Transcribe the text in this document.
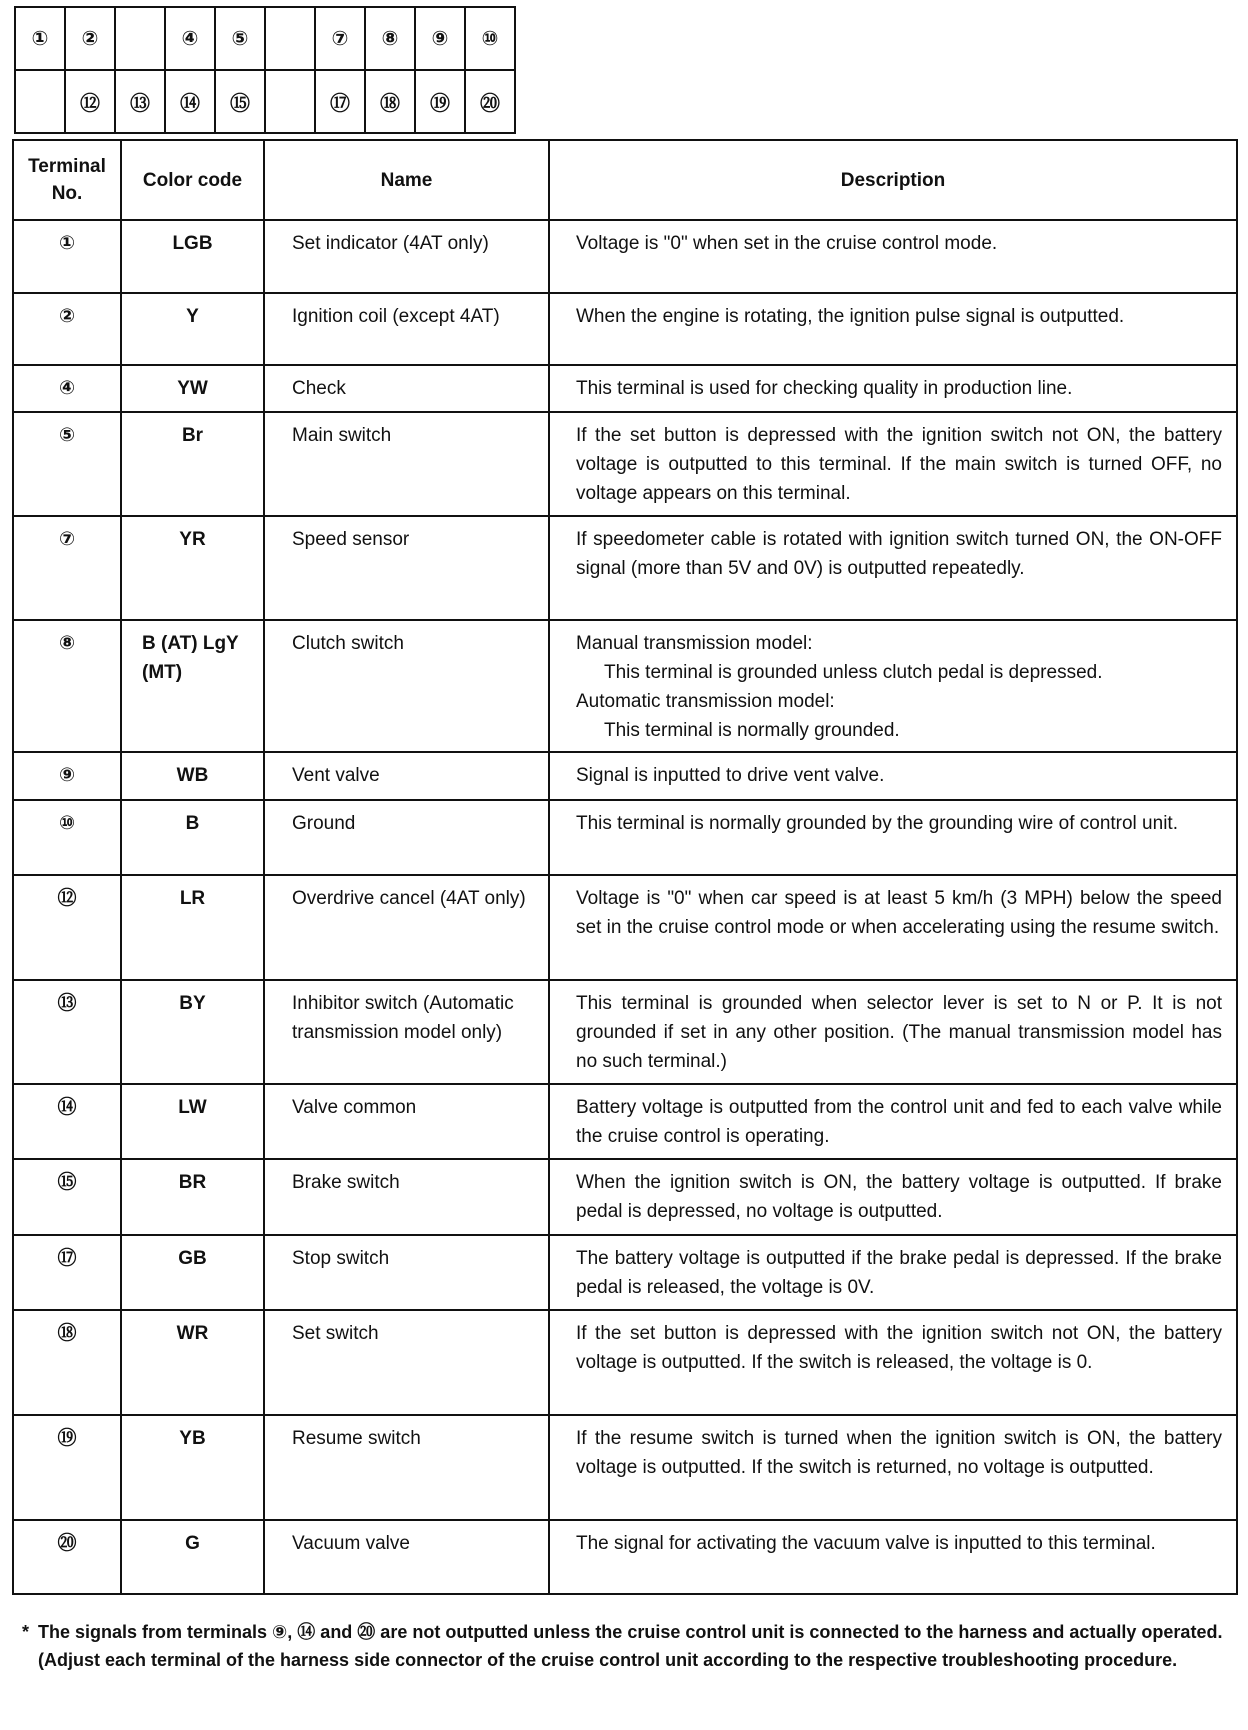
①	②		④	⑤		⑦	⑧	⑨	⑩
	⑫	⑬	⑭	⑮		⑰	⑱	⑲	⑳
Terminal No.	Color code	Name	Description
①	LGB	Set indicator (4AT only)	Voltage is "0" when set in the cruise control mode.
②	Y	Ignition coil (except 4AT)	When the engine is rotating, the ignition pulse signal is outputted.
④	YW	Check	This terminal is used for checking quality in production line.
⑤	Br	Main switch	If the set button is depressed with the ignition switch not ON, the battery voltage is outputted to this terminal. If the main switch is turned OFF, no voltage appears on this terminal.
⑦	YR	Speed sensor	If speedometer cable is rotated with ignition switch turned ON, the ON-OFF signal (more than 5V and 0V) is outputted repeatedly.
⑧	B (AT) LgY (MT)	Clutch switch	Manual transmission model:
This terminal is grounded unless clutch pedal is depressed.
Automatic transmission model:
This terminal is normally grounded.

⑨	WB	Vent valve	Signal is inputted to drive vent valve.
⑩	B	Ground	This terminal is normally grounded by the grounding wire of control unit.
⑫	LR	Overdrive cancel (4AT only)	Voltage is "0" when car speed is at least 5 km/h (3 MPH) below the speed set in the cruise control mode or when accelerating using the resume switch.
⑬	BY	Inhibitor switch (Automatic transmission model only)	This terminal is grounded when selector lever is set to N or P. It is not grounded if set in any other position. (The manual transmission model has no such terminal.)
⑭	LW	Valve common	Battery voltage is outputted from the control unit and fed to each valve while the cruise control is operating.
⑮	BR	Brake switch	When the ignition switch is ON, the battery voltage is outputted. If brake pedal is depressed, no voltage is outputted.
⑰	GB	Stop switch	The battery voltage is outputted if the brake pedal is depressed. If the brake pedal is released, the voltage is 0V.
⑱	WR	Set switch	If the set button is depressed with the ignition switch not ON, the battery voltage is outputted. If the switch is released, the voltage is 0.
⑲	YB	Resume switch	If the resume switch is turned when the ignition switch is ON, the battery voltage is outputted. If the switch is returned, no voltage is outputted.
⑳	G	Vacuum valve	The signal for activating the vacuum valve is inputted to this terminal.
* The signals from terminals ⑨, ⑭ and ⑳ are not outputted unless the cruise control unit is connected to the harness and actually operated.

(Adjust each terminal of the harness side connector of the cruise control unit according to the respective troubleshooting procedure.
